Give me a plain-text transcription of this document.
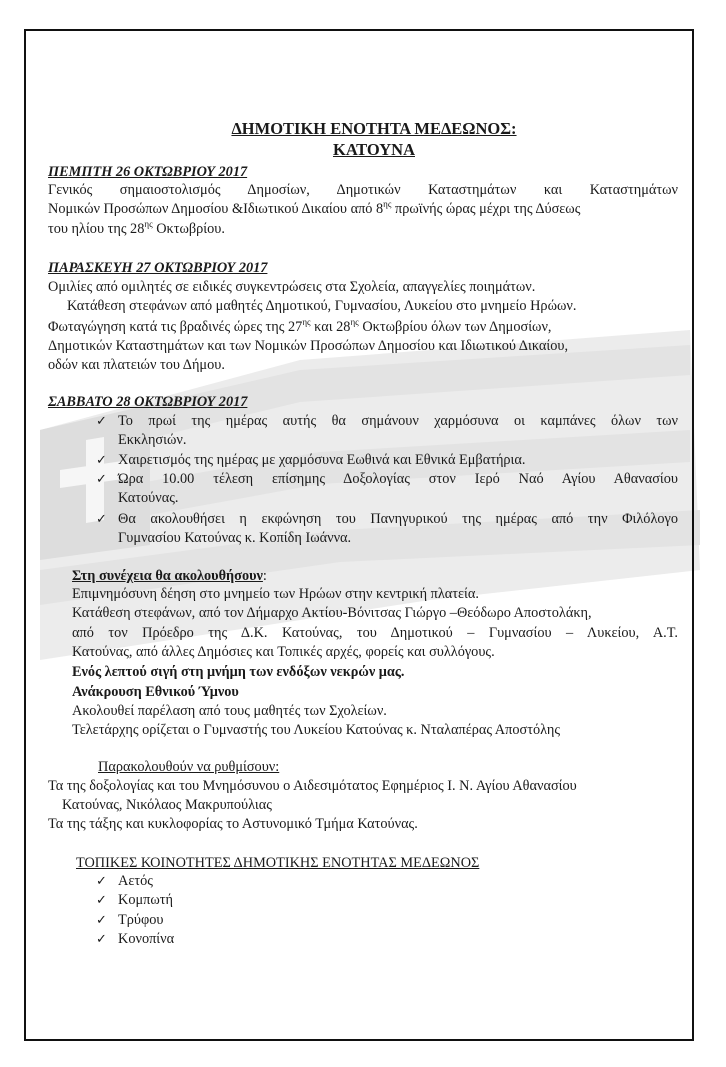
ΔΗΜΟΤΙΚΗ ΕΝΟΤΗΤΑ ΜΕΔΕΩΝΟΣ:
ΚΑΤΟΥΝΑ
ΠΕΜΠΤΗ 26 ΟΚΤΩΒΡΙΟΥ 2017
Γενικός σημαιοστολισμός Δημοσίων, Δημοτικών Καταστημάτων και Καταστημάτων
Νομικών Προσώπων Δημοσίου &Ιδιωτικού Δικαίου από $8^{\eta\varsigma}$ πρωϊνής ώρας μέχρι της Δύσεως
του ηλίου της $28^{\eta\varsigma}$ Οκτωβρίου.
ΠΑΡΑΣΚΕΥΗ 27 ΟΚΤΩΒΡΙΟΥ 2017
Ομιλίες από ομιλητές σε ειδικές συγκεντρώσεις στα Σχολεία, απαγγελίες ποιημάτων.
Κατάθεση στεφάνων από μαθητές Δημοτικού, Γυμνασίου, Λυκείου στο μνημείο Ηρώων.
Φωταγώγηση κατά τις βραδινές ώρες της $27^{\eta\varsigma}$ και $28^{\eta\varsigma}$ Οκτωβρίου όλων των Δημοσίων,
Δημοτικών Καταστημάτων και των Νομικών Προσώπων Δημοσίου και Ιδιωτικού Δικαίου,
οδών και πλατειών του Δήμου.
ΣΑΒΒΑΤΟ 28 ΟΚΤΩΒΡΙΟΥ 2017
✓ Το πρωί της ημέρας αυτής θα σημάνουν χαρμόσυνα οι καμπάνες όλων των
Εκκλησιών.
✓ Χαιρετισμός της ημέρας με χαρμόσυνα Εωθινά και Εθνικά Εμβατήρια.
✓ Ώρα 10.00 τέλεση επίσημης Δοξολογίας στον Ιερό Ναό Αγίου Αθανασίου
Κατούνας.
✓ Θα ακολουθήσει η εκφώνηση του Πανηγυρικού της ημέρας από την Φιλόλογο
Γυμνασίου Κατούνας κ. Κοπίδη Ιωάννα.
Στη συνέχεια θα ακολουθήσουν:
Επιμνημόσυνη δέηση στο μνημείο των Ηρώων στην κεντρική πλατεία.
Κατάθεση στεφάνων, από τον Δήμαρχο Ακτίου-Βόνιτσας Γιώργο –Θεόδωρο Αποστολάκη,
από τον Πρόεδρο της Δ.Κ. Κατούνας, του Δημοτικού – Γυμνασίου – Λυκείου, Α.Τ.
Κατούνας, από άλλες Δημόσιες και Τοπικές αρχές, φορείς και συλλόγους.
Ενός λεπτού σιγή στη μνήμη των ενδόξων νεκρών μας.
Ανάκρουση Εθνικού Ύμνου
Ακολουθεί παρέλαση από τους μαθητές των Σχολείων.
Τελετάρχης ορίζεται ο Γυμναστής του Λυκείου Κατούνας κ. Νταλαπέρας Αποστόλης
Παρακολουθούν να ρυθμίσουν:
Τα της δοξολογίας και του Μνημόσυνου ο Αιδεσιμότατος Εφημέριος Ι. Ν. Αγίου Αθανασίου
Κατούνας, Νικόλαος Μακρυπούλιας
Τα της τάξης και κυκλοφορίας το Αστυνομικό Τμήμα Κατούνας.
ΤΟΠΙΚΕΣ ΚΟΙΝΟΤΗΤΕΣ ΔΗΜΟΤΙΚΗΣ ΕΝΟΤΗΤΑΣ ΜΕΔΕΩΝΟΣ
✓ Αετός
✓ Κομπωτή
✓ Τρύφου
✓ Κονοπίνα
